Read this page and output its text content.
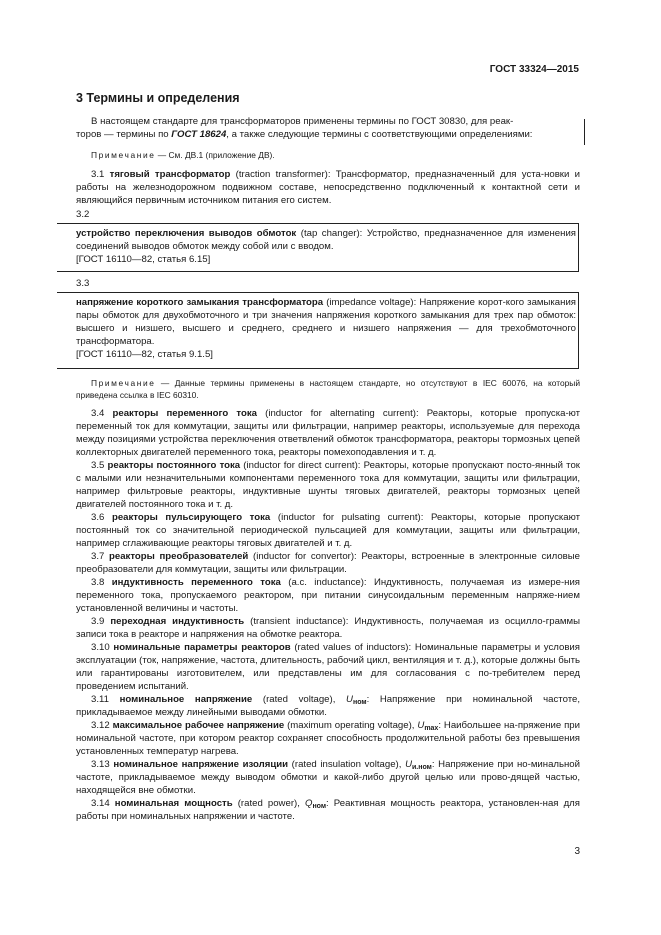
ГОСТ 33324—2015
3 Термины и определения
В настоящем стандарте для трансформаторов применены термины по ГОСТ 30830, для реак-
торов — термины по ГОСТ 18624, а также следующие термины с соответствующими определениями:
Примечание — См. ДВ.1 (приложение ДВ).
3.1 тяговый трансформатор (traction transformer): Трансформатор, предназначенный для уста-новки и работы на железнодорожном подвижном составе, непосредственно подключенный к контактной сети и являющийся первичным источником питания его систем.
3.2
устройство переключения выводов обмоток (tap changer): Устройство, предназначенное для изменения соединений выводов обмоток между собой или с вводом.
[ГОСТ 16110—82, статья 6.15]
3.3
напряжение короткого замыкания трансформатора (impedance voltage): Напряжение корот-кого замыкания пары обмоток для двухобмоточного и три значения напряжения короткого замыкания для трех пар обмоток: высшего и низшего, высшего и среднего, среднего и низшего напряжения — для трехобмоточного трансформатора.
[ГОСТ 16110—82, статья 9.1.5]
Примечание — Данные термины применены в настоящем стандарте, но отсутствуют в IEC 60076, на который приведена ссылка в IEC 60310.
3.4 реакторы переменного тока (inductor for alternating current): Реакторы, которые пропуска-ют переменный ток для коммутации, защиты или фильтрации, например реакторы, используемые для перехода между позициями устройства переключения ответвлений обмоток трансформатора, реакторы тормозных цепей коллекторных двигателей переменного тока, реакторы помехоподавления и т. д.
3.5 реакторы постоянного тока (inductor for direct current): Реакторы, которые пропускают посто-янный ток с малыми или незначительными компонентами переменного тока для коммутации, защиты или фильтрации, например фильтровые реакторы, индуктивные шунты тяговых двигателей, реакторы тормозных цепей двигателей постоянного тока и т. д.
3.6 реакторы пульсирующего тока (inductor for pulsating current): Реакторы, которые пропускают постоянный ток со значительной периодической пульсацией для коммутации, защиты или фильтрации, например сглаживающие реакторы тяговых двигателей и т. д.
3.7 реакторы преобразователей (inductor for convertor): Реакторы, встроенные в электронные силовые преобразователи для коммутации, защиты или фильтрации.
3.8 индуктивность переменного тока (a.c. inductance): Индуктивность, получаемая из измере-ния переменного тока, пропускаемого реактором, при питании синусоидальным переменным напряже-нием установленной величины и частоты.
3.9 переходная индуктивность (transient inductance): Индуктивность, получаемая из осцилло-граммы записи тока в реакторе и напряжения на обмотке реактора.
3.10 номинальные параметры реакторов (rated values of inductors): Номинальные параметры и условия эксплуатации (ток, напряжение, частота, длительность, рабочий цикл, вентиляция и т. д.), которые должны быть или гарантированы изготовителем, или представлены им для согласования с по-требителем перед проведением испытаний.
3.11 номинальное напряжение (rated voltage), $U_{ном}$: Напряжение при номинальной частоте, прикладываемое между линейными выводами обмотки.
3.12 максимальное рабочее напряжение (maximum operating voltage), $U_{max}$: Наибольшее на-пряжение при номинальной частоте, при котором реактор сохраняет способность продолжительной работы без превышения установленных температур нагрева.
3.13 номинальное напряжение изоляции (rated insulation voltage), $U_{и.ном}$: Напряжение при но-минальной частоте, прикладываемое между выводом обмотки и какой-либо другой целью или прово-дящей частью, находящейся вне обмотки.
3.14 номинальная мощность (rated power), $Q_{ном}$: Реактивная мощность реактора, установлен-ная для работы при номинальных напряжении и частоте.
3
